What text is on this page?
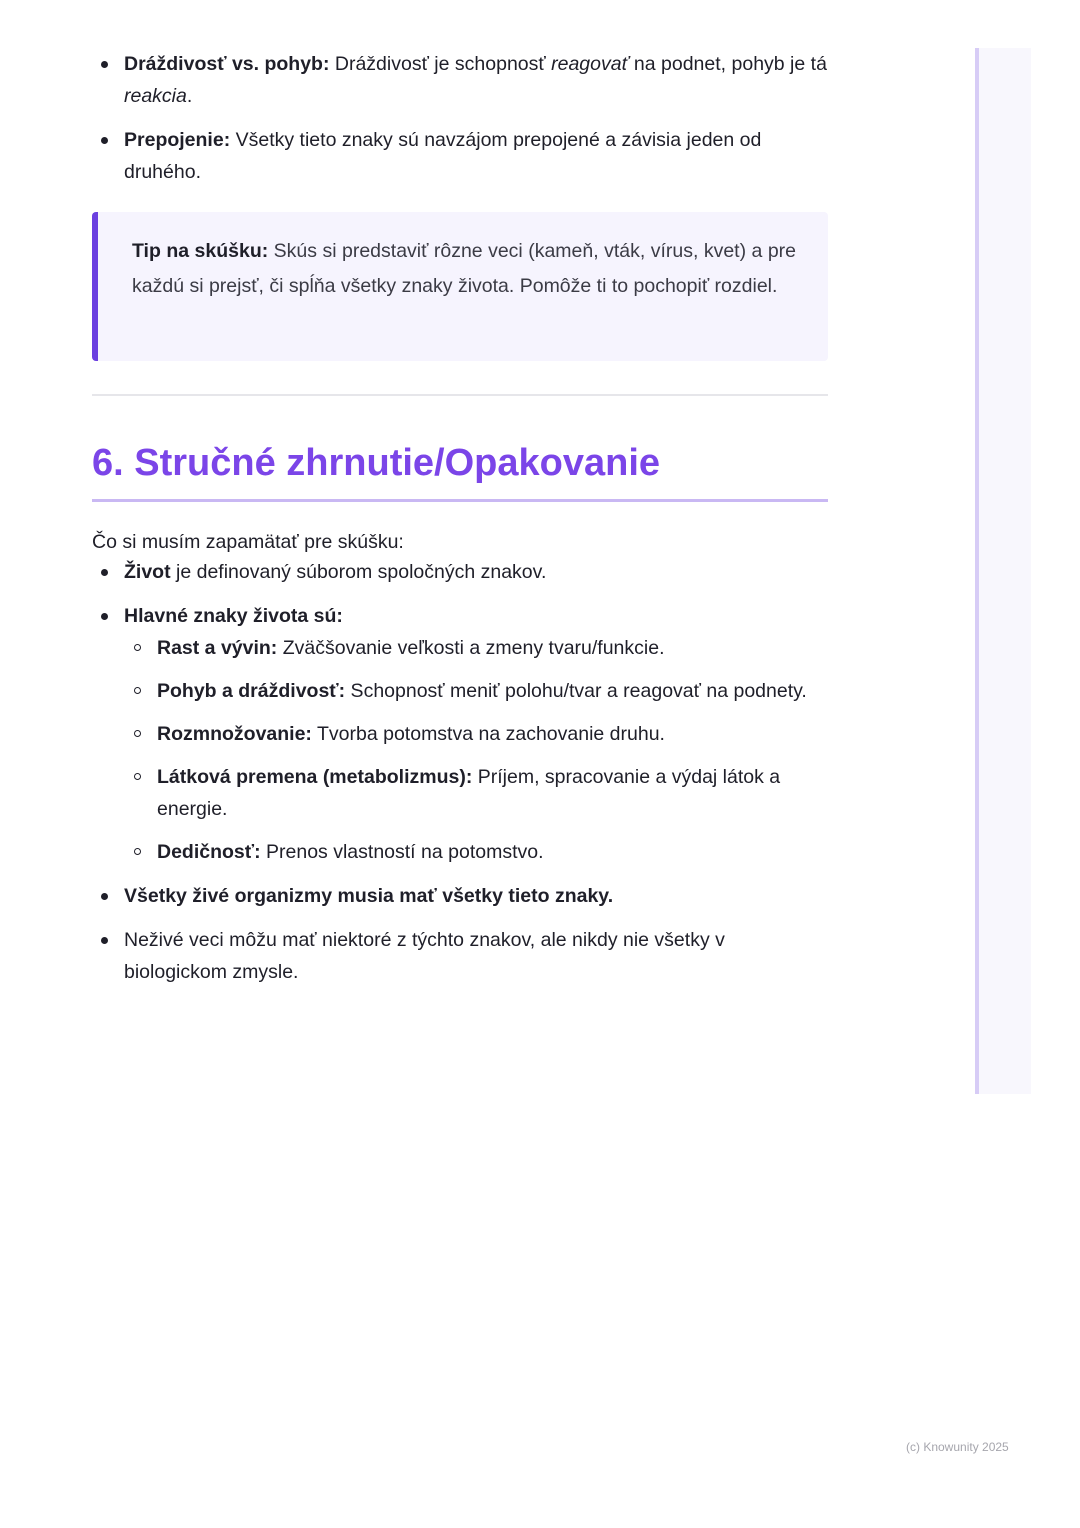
Dráždivosť vs. pohyb: Dráždivosť je schopnosť reagovať na podnet, pohyb je tá reakcia.
Prepojenie: Všetky tieto znaky sú navzájom prepojené a závisia jeden od druhého.
Tip na skúšku: Skús si predstaviť rôzne veci (kameň, vták, vírus, kvet) a pre každú si prejsť, či spĺňa všetky znaky života. Pomôže ti to pochopiť rozdiel.
6. Stručné zhrnutie/Opakovanie
Čo si musím zapamätať pre skúšku:
Život je definovaný súborom spoločných znakov.
Hlavné znaky života sú:
Rast a vývin: Zväčšovanie veľkosti a zmeny tvaru/funkcie.
Pohyb a dráždivosť: Schopnosť meniť polohu/tvar a reagovať na podnety.
Rozmnožovanie: Tvorba potomstva na zachovanie druhu.
Látková premena (metabolizmus): Príjem, spracovanie a výdaj látok a energie.
Dedičnosť: Prenos vlastností na potomstvo.
Všetky živé organizmy musia mať všetky tieto znaky.
Neživé veci môžu mať niektoré z týchto znakov, ale nikdy nie všetky v biologickom zmysle.
(c) Knowunity 2025
